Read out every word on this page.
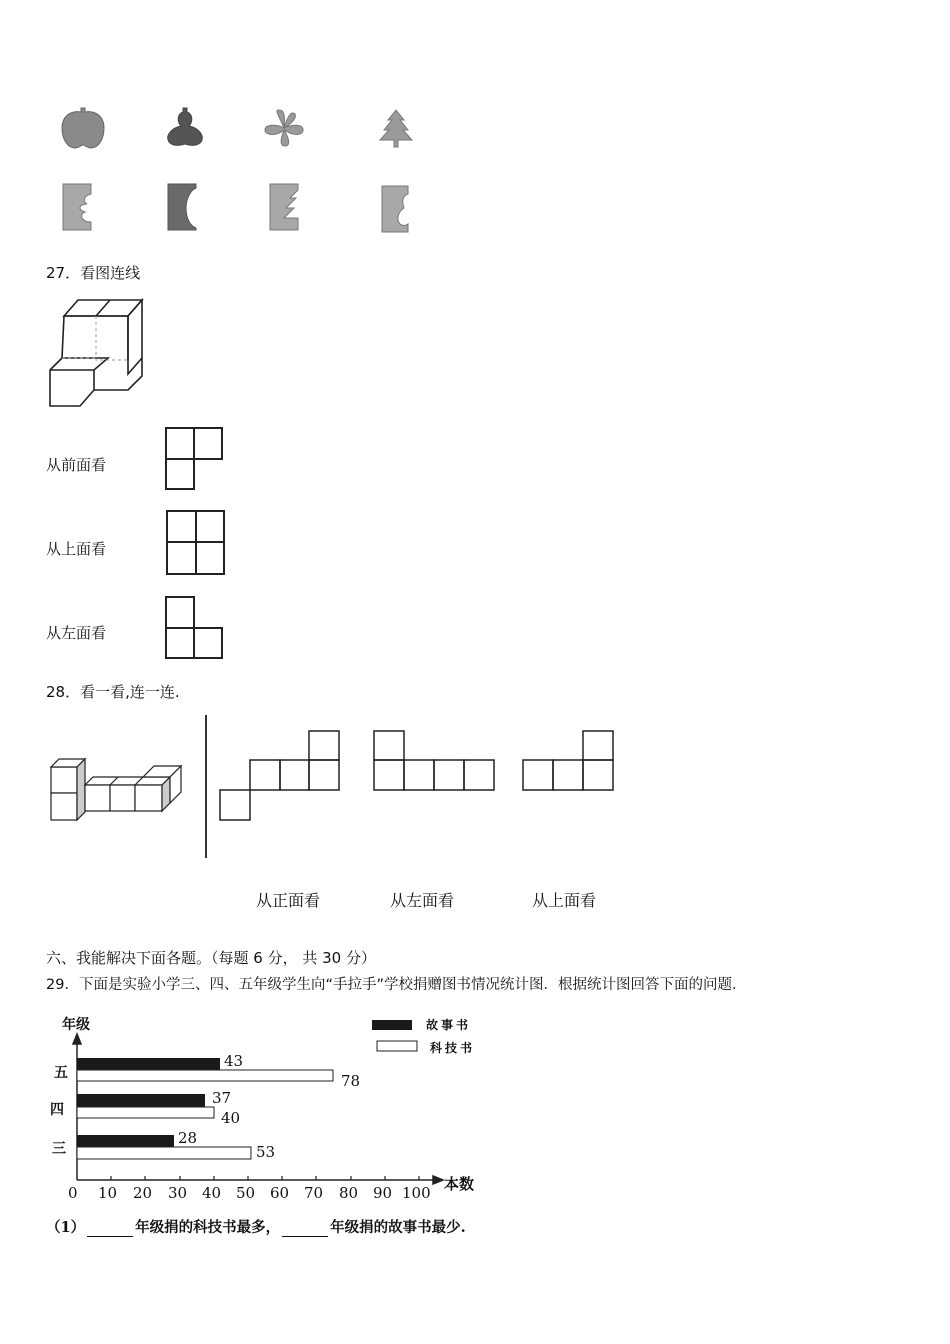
27．看图连线
从前面看
从上面看
从左面看
28．看一看,连一连.
从正面看	从左面看	从上面看
六、我能解决下面各题。（每题 6 分， 共 30 分）
29．下面是实验小学三、四、五年级学生向“手拉手”学校捐赠图书情况统计图．根据统计图回答下面的问题．
年级
本数
五
四
三
43
78
37
40
28
53
故事书
科技书
0 10 20 30 40 50 60 70 80 90 100
（1）	年级捐的科技书最多，	年级捐的故事书最少.
